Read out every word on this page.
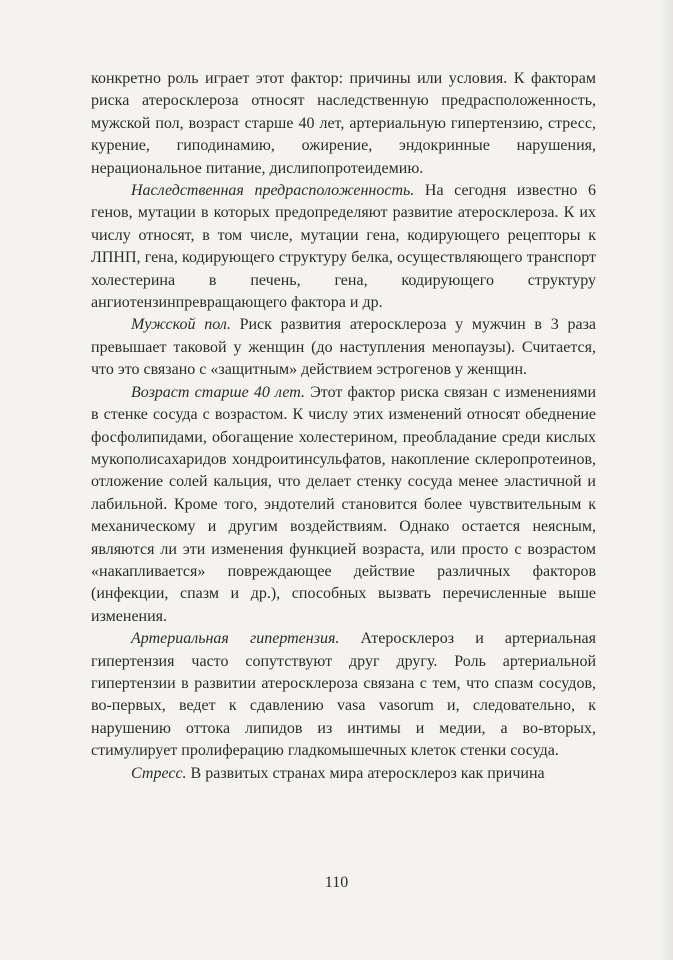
конкретно роль играет этот фактор: причины или условия. К факторам риска атеросклероза относят наследственную предрасположенность, мужской пол, возраст старше 40 лет, артериальную гипертензию, стресс, курение, гиподинамию, ожирение, эндокринные нарушения, нерациональное питание, дислипопротеидемию.

Наследственная предрасположенность. На сегодня известно 6 генов, мутации в которых предопределяют развитие атеросклероза. К их числу относят, в том числе, мутации гена, кодирующего рецепторы к ЛПНП, гена, кодирующего структуру белка, осуществляющего транспорт холестерина в печень, гена, кодирующего структуру ангиотензинпревращающего фактора и др.

Мужской пол. Риск развития атеросклероза у мужчин в 3 раза превышает таковой у женщин (до наступления менопаузы). Считается, что это связано с «защитным» действием эстрогенов у женщин.

Возраст старше 40 лет. Этот фактор риска связан с изменениями в стенке сосуда с возрастом. К числу этих изменений относят обеднение фосфолипидами, обогащение холестерином, преобладание среди кислых мукополисахаридов хондроитинсульфатов, накопление склеропротеинов, отложение солей кальция, что делает стенку сосуда менее эластичной и лабильной. Кроме того, эндотелий становится более чувствительным к механическому и другим воздействиям. Однако остается неясным, являются ли эти изменения функцией возраста, или просто с возрастом «накапливается» повреждающее действие различных факторов (инфекции, спазм и др.), способных вызвать перечисленные выше изменения.

Артериальная гипертензия. Атеросклероз и артериальная гипертензия часто сопутствуют друг другу. Роль артериальной гипертензии в развитии атеросклероза связана с тем, что спазм сосудов, во-первых, ведет к сдавлению vasa vasorum и, следовательно, к нарушению оттока липидов из интимы и медии, а во-вторых, стимулирует пролиферацию гладкомышечных клеток стенки сосуда.

Стресс. В развитых странах мира атеросклероз как причина

110
